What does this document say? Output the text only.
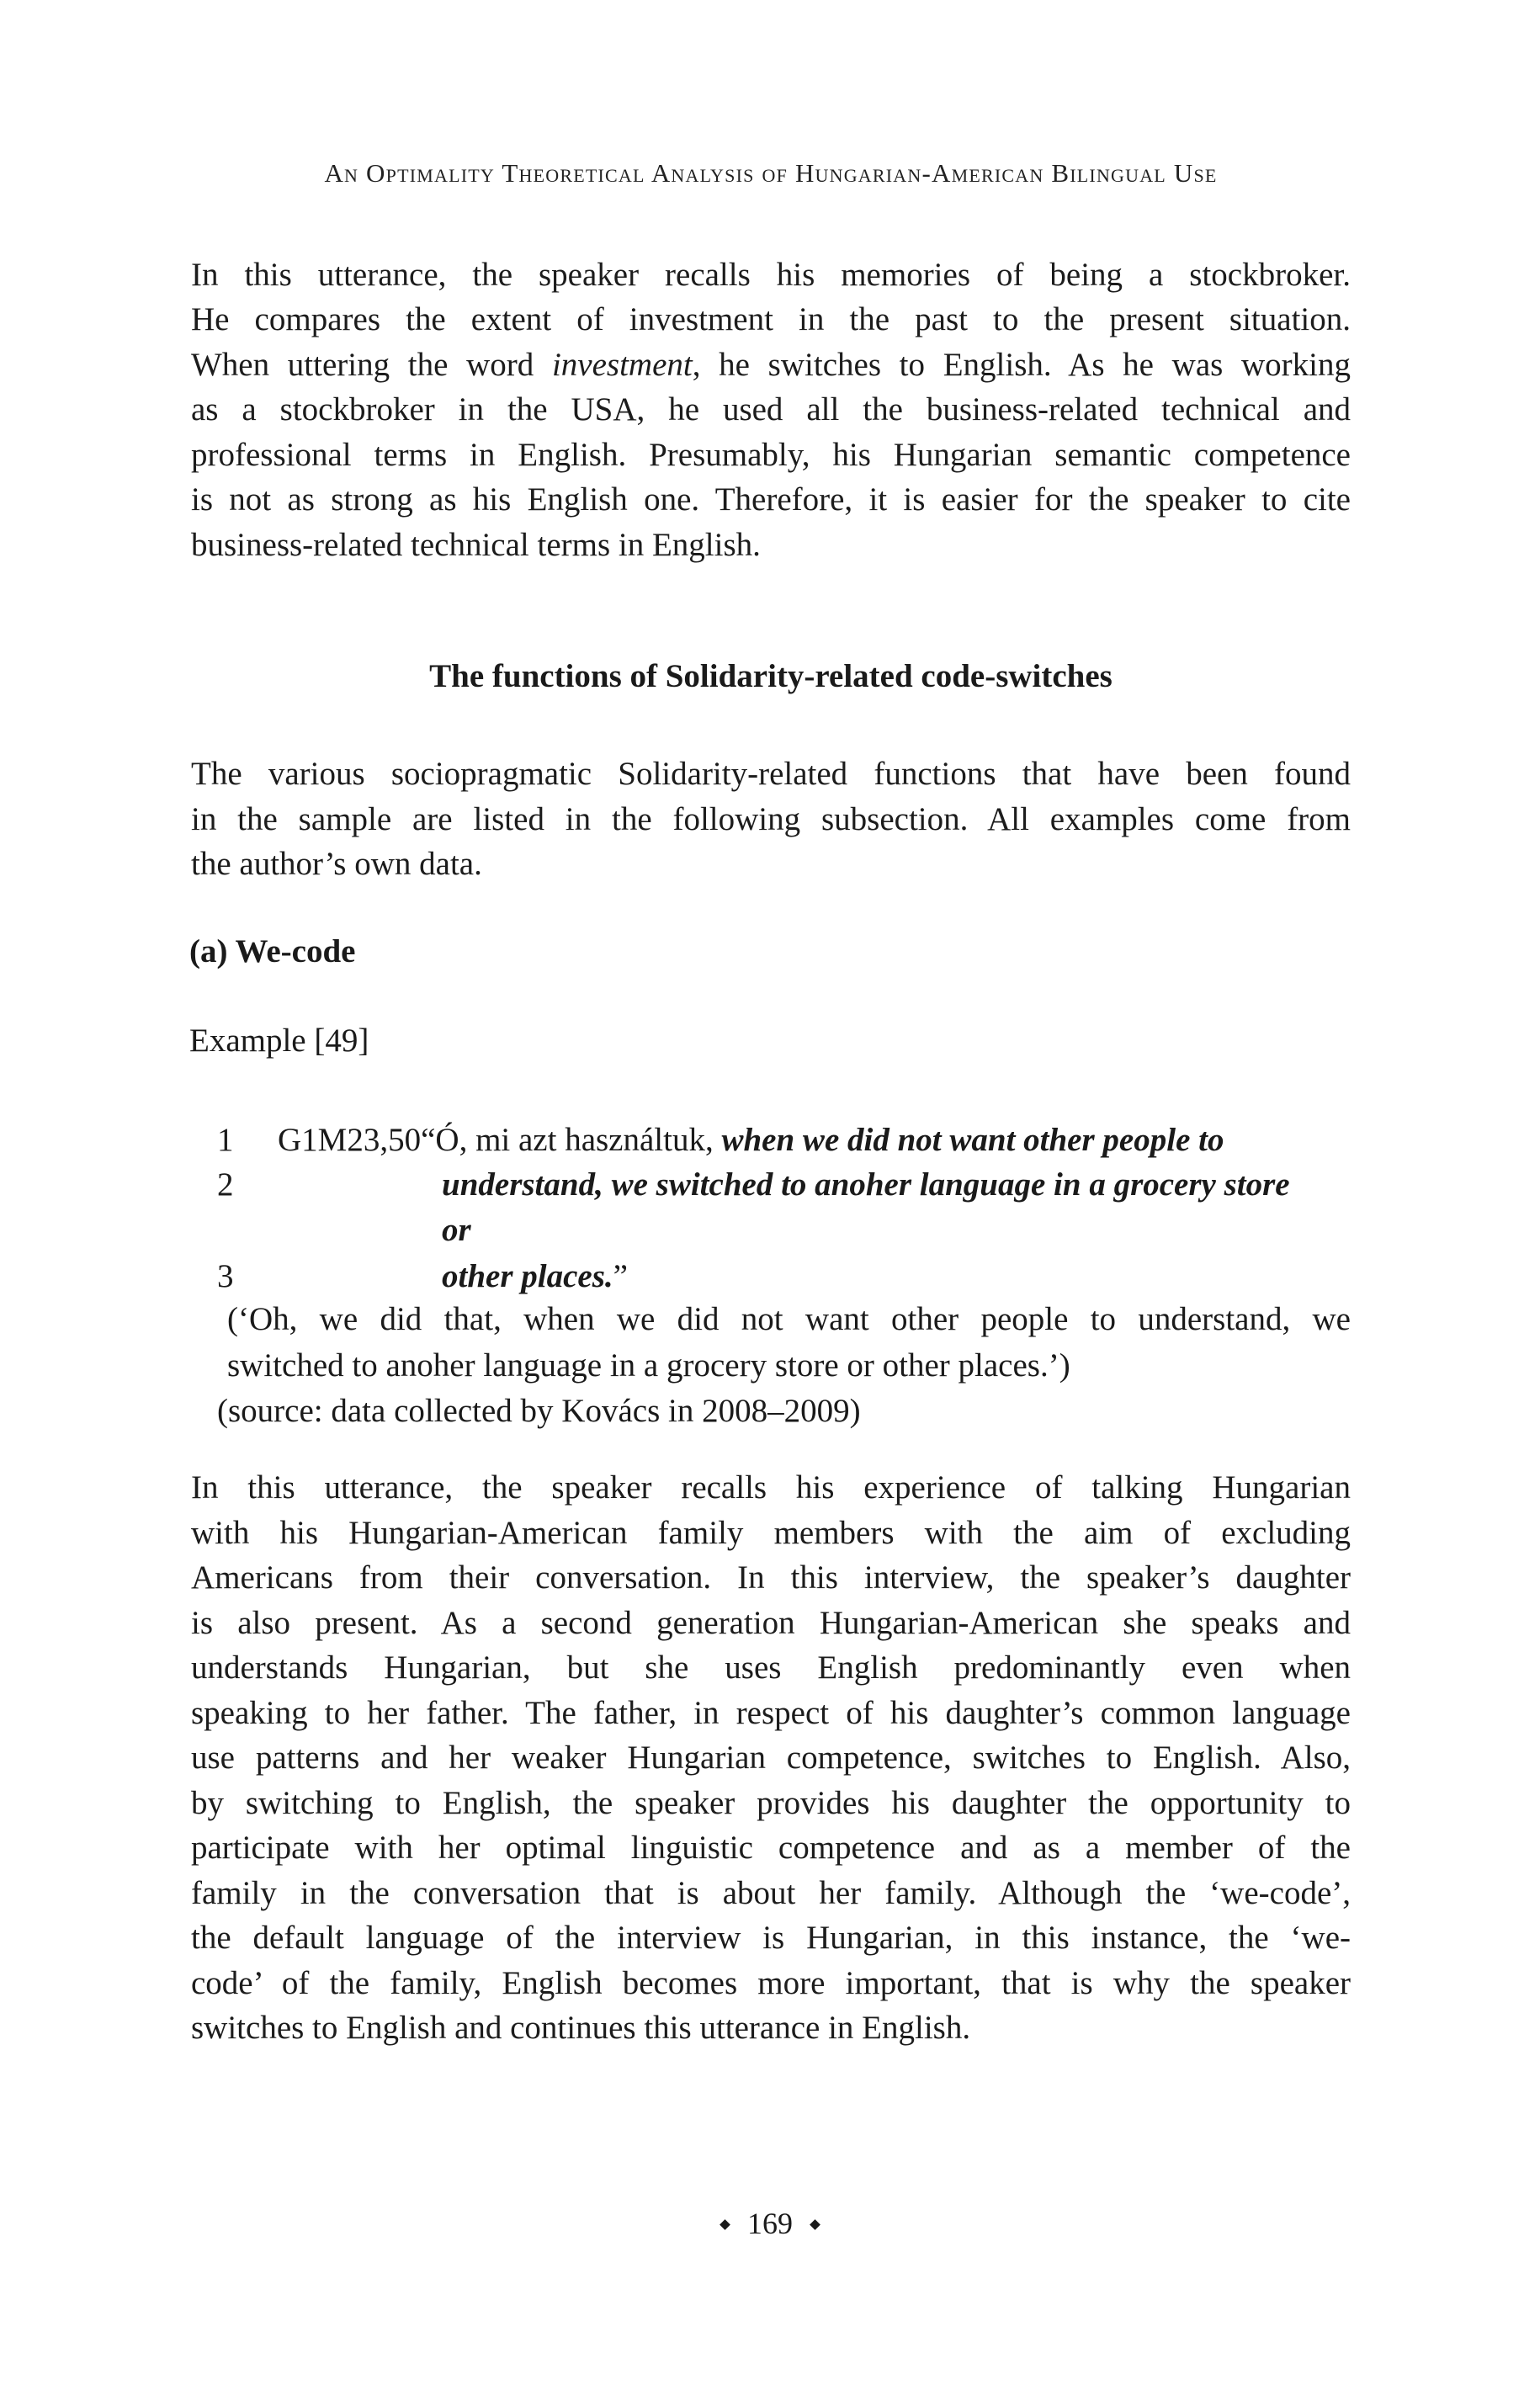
An Optimality Theoretical Analysis of Hungarian-American Bilingual Use
In this utterance, the speaker recalls his memories of being a stockbroker.
He compares the extent of investment in the past to the present situation.
When uttering the word investment, he switches to English. As he was working
as a stockbroker in the USA, he used all the business-related technical and
professional terms in English. Presumably, his Hungarian semantic competence
is not as strong as his English one. Therefore, it is easier for the speaker to cite
business-related technical terms in English.
The functions of Solidarity-related code-switches
The various sociopragmatic Solidarity-related functions that have been found
in the sample are listed in the following subsection. All examples come from
the author’s own data.
(a) We-code
Example [49]
1	G1M23,50“Ó, mi azt használtuk, when we did not want other people to
2	understand, we switched to anoher language in a grocery store
or
3	other places.”
(‘Oh, we did that, when we did not want other people to understand, we
switched to anoher language in a grocery store or other places.’)
(source: data collected by Kovács in 2008–2009)
In this utterance, the speaker recalls his experience of talking Hungarian
with his Hungarian-American family members with the aim of excluding
Americans from their conversation. In this interview, the speaker’s daughter
is also present. As a second generation Hungarian-American she speaks and
understands Hungarian, but she uses English predominantly even when
speaking to her father. The father, in respect of his daughter’s common language
use patterns and her weaker Hungarian competence, switches to English. Also,
by switching to English, the speaker provides his daughter the opportunity to
participate with her optimal linguistic competence and as a member of the
family in the conversation that is about her family. Although the ‘we-code’,
the default language of the interview is Hungarian, in this instance, the ‘we-
code’ of the family, English becomes more important, that is why the speaker
switches to English and continues this utterance in English.
169
